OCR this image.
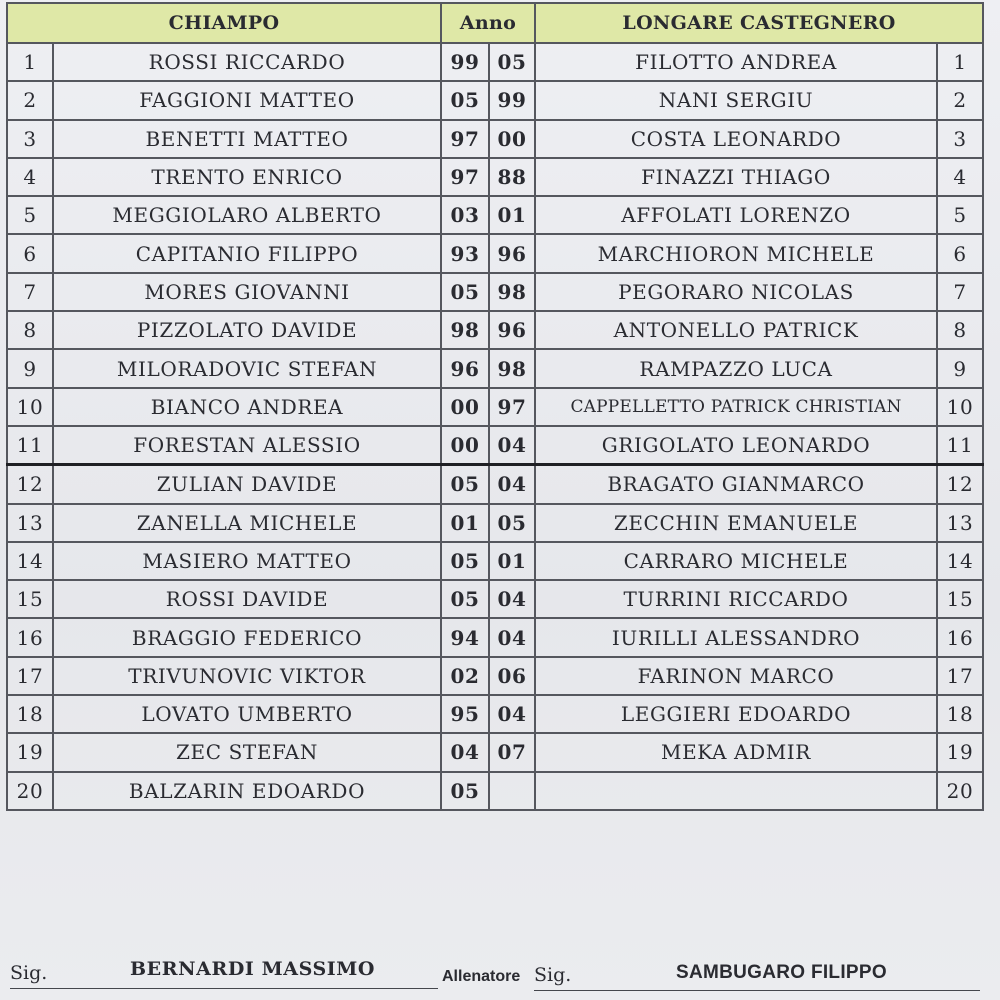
CHIAMPO		Anno		LONGARE CASTEGNERO	
1	ROSSI RICCARDO	99	05	FILOTTO ANDREA	1
2	FAGGIONI MATTEO	05	99	NANI SERGIU	2
3	BENETTI MATTEO	97	00	COSTA LEONARDO	3
4	TRENTO ENRICO	97	88	FINAZZI THIAGO	4
5	MEGGIOLARO ALBERTO	03	01	AFFOLATI LORENZO	5
6	CAPITANIO FILIPPO	93	96	MARCHIORON MICHELE	6
7	MORES GIOVANNI	05	98	PEGORARO NICOLAS	7
8	PIZZOLATO DAVIDE	98	96	ANTONELLO PATRICK	8
9	MILORADOVIC STEFAN	96	98	RAMPAZZO LUCA	9
10	BIANCO ANDREA	00	97	CAPPELLETTO PATRICK CHRISTIAN	10
11	FORESTAN ALESSIO	00	04	GRIGOLATO LEONARDO	11
12	ZULIAN DAVIDE	05	04	BRAGATO GIANMARCO	12
13	ZANELLA MICHELE	01	05	ZECCHIN EMANUELE	13
14	MASIERO MATTEO	05	01	CARRARO MICHELE	14
15	ROSSI DAVIDE	05	04	TURRINI RICCARDO	15
16	BRAGGIO FEDERICO	94	04	IURILLI ALESSANDRO	16
17	TRIVUNOVIC VIKTOR	02	06	FARINON MARCO	17
18	LOVATO UMBERTO	95	04	LEGGIERI EDOARDO	18
19	ZEC STEFAN	04	07	MEKA ADMIR	19
20	BALZARIN EDOARDO	05			20
Sig.	BERNARDI MASSIMO	Allenatore Sig.	SAMBUGARO FILIPPO
